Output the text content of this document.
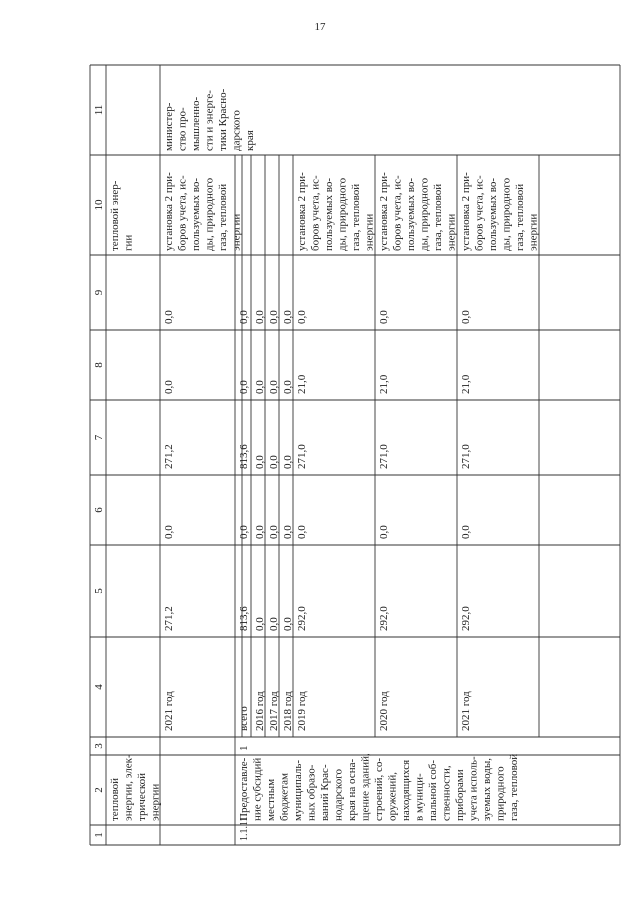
17
1
2
3
4
5
6
7
8
9
10
11
тепловой энергии, элек- трической энергии
тепловой энер- гии
2021 год
271,2
0,0
271,2
0,0
0,0
установка 2 при- боров учета, ис- пользуемых во- ды, природного газа, тепловой энергии
министер- ство про- мышленно- сти и энерге- тики Красно- дарского края
1.1.11
1
Предоставле- ние субсидий местным бюджетам муниципаль- ных образо- ваний Крас- нодарского края на осна- щение зданий, строений, со- оружений, находящихся в муници- пальной соб- ственности, приборами учета исполь- зуемых воды, природного газа, тепловой
всего
813,6
0,0
813,6
0,0
0,0
2016 год
0,0
0,0
0,0
0,0
0,0
2017 год
0,0
0,0
0,0
0,0
0,0
2018 год
0,0
0,0
0,0
0,0
0,0
2019 год
292,0
0,0
271,0
21,0
0,0
установка 2 при- боров учета, ис- пользуемых во- ды, природного газа, тепловой энергии
2020 год
292,0
0,0
271,0
21,0
0,0
установка 2 при- боров учета, ис- пользуемых во- ды, природного газа, тепловой энергии
2021 год
292,0
0,0
271,0
21,0
0,0
установка 2 при- боров учета, ис- пользуемых во- ды, природного газа, тепловой энергии
